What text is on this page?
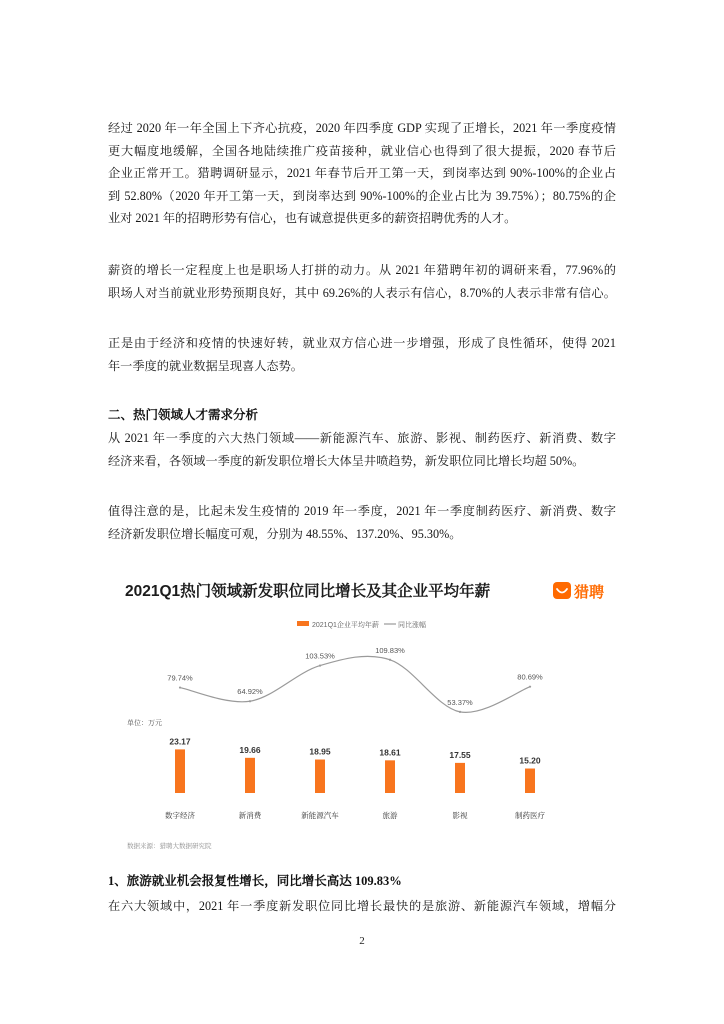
经过 2020 年一年全国上下齐心抗疫，2020 年四季度 GDP 实现了正增长，2021 年一季度疫情
更大幅度地缓解，全国各地陆续推广疫苗接种，就业信心也得到了很大提振，2020 春节后
企业正常开工。猎聘调研显示，2021 年春节后开工第一天，到岗率达到 90%-100%的企业占
到 52.80%（2020 年开工第一天，到岗率达到 90%-100%的企业占比为 39.75%）；80.75%的企
业对 2021 年的招聘形势有信心，也有诚意提供更多的薪资招聘优秀的人才。
薪资的增长一定程度上也是职场人打拼的动力。从 2021 年猎聘年初的调研来看，77.96%的
职场人对当前就业形势预期良好，其中 69.26%的人表示有信心，8.70%的人表示非常有信心。
正是由于经济和疫情的快速好转，就业双方信心进一步增强，形成了良性循环，使得 2021
年一季度的就业数据呈现喜人态势。
二、热门领域人才需求分析
从 2021 年一季度的六大热门领域——新能源汽车、旅游、影视、制药医疗、新消费、数字
经济来看，各领域一季度的新发职位增长大体呈井喷趋势，新发职位同比增长均超 50%。
值得注意的是，比起未发生疫情的 2019 年一季度，2021 年一季度制药医疗、新消费、数字
经济新发职位增长幅度可观，分别为 48.55%、137.20%、95.30%。
2021Q1热门领域新发职位同比增长及其企业平均年薪	猎聘
2021Q1企业平均年薪	同比涨幅
79.74%
64.92%
103.53%
109.83%
53.37%
80.69%
单位：万元
23.17
19.66	18.95	18.61	17.55
15.20
数字经济	新消费	新能源汽车	旅游	影视	制药医疗
数据来源：猎聘大数据研究院
1、旅游就业机会报复性增长，同比增长高达 109.83%
在六大领域中，2021 年一季度新发职位同比增长最快的是旅游、新能源汽车领域，增幅分
2
